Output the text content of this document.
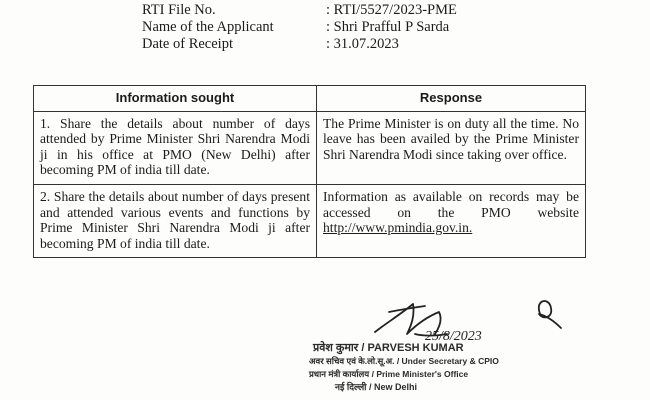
RTI File No.	: RTI/5527/2023-PME
Name of the Applicant	: Shri Prafful P Sarda
Date of Receipt	: 31.07.2023
Information sought	Response
1. Share the details about number of days attended by Prime Minister Shri Narendra Modi ji in his office at PMO (New Delhi) after becoming PM of india till date.	The Prime Minister is on duty all the time. No leave has been availed by the Prime Minister Shri Narendra Modi since taking over office.
2. Share the details about number of days present and attended various events and functions by Prime Minister Shri Narendra Modi ji after becoming PM of india till date.	Information as available on records may be accessed on the PMO website http://www.pmindia.gov.in.
25/8/2023
प्रवेश कुमार / PARVESH KUMAR
अवर सचिव एवं के.लो.सू.अ. / Under Secretary & CPIO
प्रधान मंत्री कार्यालय / Prime Minister's Office
नई दिल्ली / New Delhi
